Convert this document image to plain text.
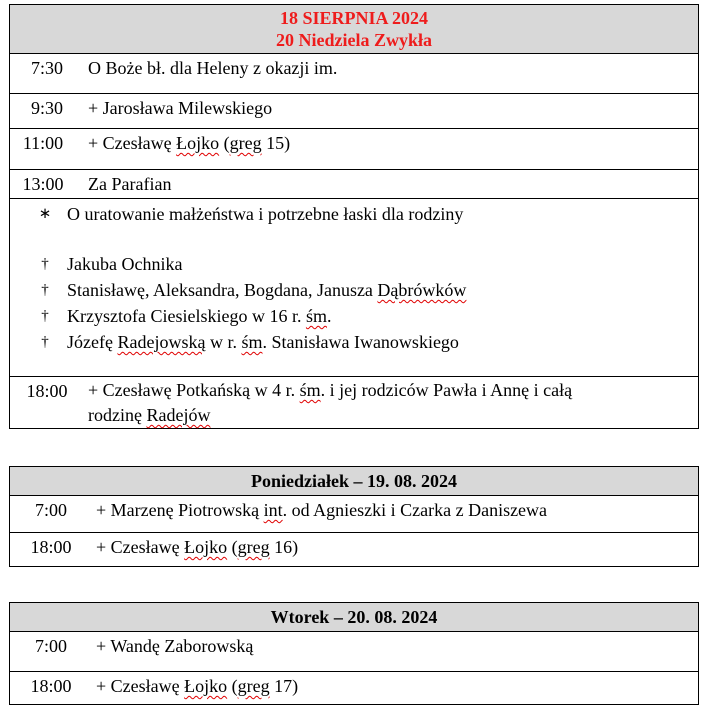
18 SIERPNIA 2024
20 Niedziela Zwykła
7:30	O Boże bł. dla Heleny z okazji im.
9:30	+ Jarosława Milewskiego
11:00	+ Czesławę Łojko (greg 15)
13:00	Za Parafian
∗ O uratowanie małżeństwa i potrzebne łaski dla rodziny
† Jakuba Ochnika
† Stanisławę, Aleksandra, Bogdana, Janusza Dąbrówków
† Krzysztofa Ciesielskiego w 16 r. śm.
† Józefę Radejowską w r. śm. Stanisława Iwanowskiego
18:00	+ Czesławę Potkańską w 4 r. śm. i jej rodziców Pawła i Annę i całą
rodzinę Radejów
Poniedziałek – 19. 08. 2024
7:00	+ Marzenę Piotrowską int. od Agnieszki i Czarka z Daniszewa
18:00	+ Czesławę Łojko (greg 16)
Wtorek – 20. 08. 2024
7:00	+ Wandę Zaborowską
18:00	+ Czesławę Łojko (greg 17)
